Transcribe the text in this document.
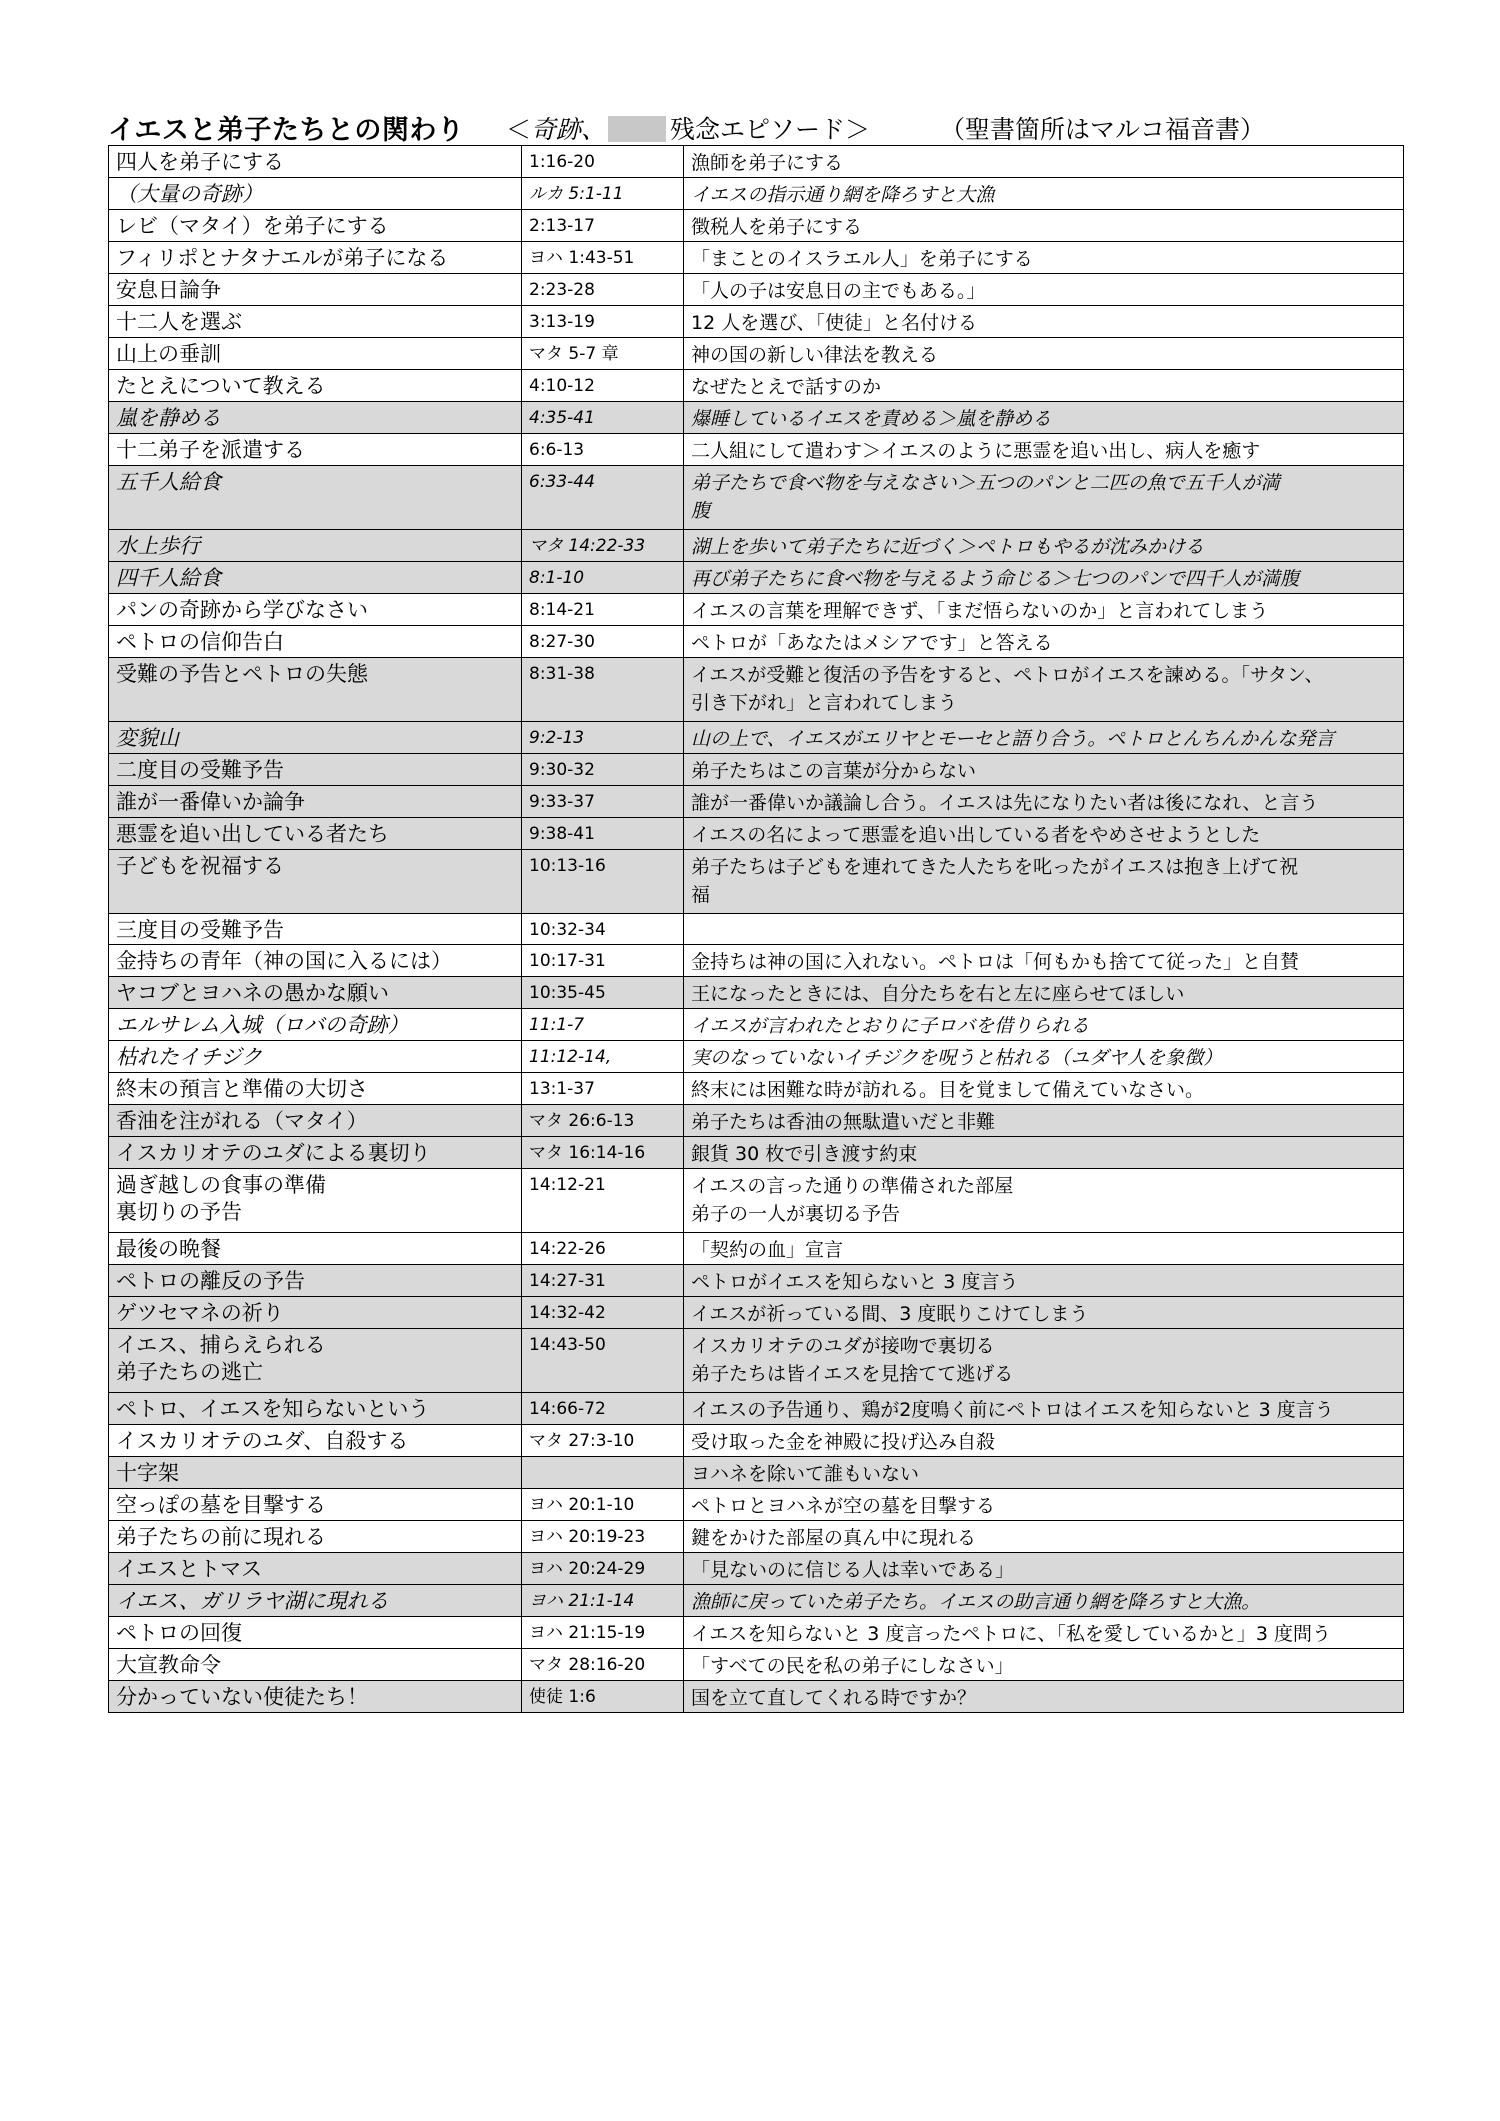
イエスと弟子たちとの関わり ＜奇跡、	残念エピソード＞	（聖書箇所はマルコ福音書）
四人を弟子にする	1:16-20	漁師を弟子にする
（大量の奇跡）	ルカ 5:1-11	イエスの指示通り網を降ろすと大漁
レビ（マタイ）を弟子にする	2:13-17	徴税人を弟子にする
フィリポとナタナエルが弟子になる	ヨハ 1:43-51	「まことのイスラエル人」を弟子にする
安息日論争	2:23-28	「人の子は安息日の主でもある。」
十二人を選ぶ	3:13-19	12 人を選び、「使徒」と名付ける
山上の垂訓	マタ 5-7 章	神の国の新しい律法を教える
たとえについて教える	4:10-12	なぜたとえで話すのか
嵐を静める	4:35-41	爆睡しているイエスを責める＞嵐を静める
十二弟子を派遣する	6:6-13	二人組にして遣わす＞イエスのように悪霊を追い出し、病人を癒す
五千人給食	6:33-44	弟子たちで食べ物を与えなさい＞五つのパンと二匹の魚で五千人が満
腹
水上歩行	マタ 14:22-33	湖上を歩いて弟子たちに近づく＞ペトロもやるが沈みかける
四千人給食	8:1-10	再び弟子たちに食べ物を与えるよう命じる＞七つのパンで四千人が満腹
パンの奇跡から学びなさい	8:14-21	イエスの言葉を理解できず、「まだ悟らないのか」と言われてしまう
ペトロの信仰告白	8:27-30	ペトロが「あなたはメシアです」と答える
受難の予告とペトロの失態	8:31-38	イエスが受難と復活の予告をすると、ペトロがイエスを諫める。「サタン、
引き下がれ」と言われてしまう
変貌山	9:2-13	山の上で、イエスがエリヤとモーセと語り合う。ペトロとんちんかんな発言
二度目の受難予告	9:30-32	弟子たちはこの言葉が分からない
誰が一番偉いか論争	9:33-37	誰が一番偉いか議論し合う。イエスは先になりたい者は後になれ、と言う
悪霊を追い出している者たち	9:38-41	イエスの名によって悪霊を追い出している者をやめさせようとした
子どもを祝福する	10:13-16	弟子たちは子どもを連れてきた人たちを叱ったがイエスは抱き上げて祝
福
三度目の受難予告	10:32-34	
金持ちの青年（神の国に入るには）	10:17-31	金持ちは神の国に入れない。ペトロは「何もかも捨てて従った」と自賛
ヤコブとヨハネの愚かな願い	10:35-45	王になったときには、自分たちを右と左に座らせてほしい
エルサレム入城（ロバの奇跡）	11:1-7	イエスが言われたとおりに子ロバを借りられる
枯れたイチジク	11:12-14,	実のなっていないイチジクを呪うと枯れる（ユダヤ人を象徴）
終末の預言と準備の大切さ	13:1-37	終末には困難な時が訪れる。目を覚まして備えていなさい。
香油を注がれる（マタイ）	マタ 26:6-13	弟子たちは香油の無駄遣いだと非難
イスカリオテのユダによる裏切り	マタ 16:14-16	銀貨 30 枚で引き渡す約束
過ぎ越しの食事の準備
裏切りの予告	14:12-21	イエスの言った通りの準備された部屋
弟子の一人が裏切る予告
最後の晩餐	14:22-26	「契約の血」宣言
ペトロの離反の予告	14:27-31	ペトロがイエスを知らないと 3 度言う
ゲツセマネの祈り	14:32-42	イエスが祈っている間、3 度眠りこけてしまう
イエス、捕らえられる
弟子たちの逃亡	14:43-50	イスカリオテのユダが接吻で裏切る
弟子たちは皆イエスを見捨てて逃げる
ペトロ、イエスを知らないという	14:66-72	イエスの予告通り、鶏が2度鳴く前にペトロはイエスを知らないと 3 度言う
イスカリオテのユダ、自殺する	マタ 27:3-10	受け取った金を神殿に投げ込み自殺
十字架		ヨハネを除いて誰もいない
空っぽの墓を目撃する	ヨハ 20:1-10	ペトロとヨハネが空の墓を目撃する
弟子たちの前に現れる	ヨハ 20:19-23	鍵をかけた部屋の真ん中に現れる
イエスとトマス	ヨハ 20:24-29	「見ないのに信じる人は幸いである」
イエス、ガリラヤ湖に現れる	ヨハ 21:1-14	漁師に戻っていた弟子たち。イエスの助言通り網を降ろすと大漁。
ペトロの回復	ヨハ 21:15-19	イエスを知らないと 3 度言ったペトロに、「私を愛しているかと」3 度問う
大宣教命令	マタ 28:16-20	「すべての民を私の弟子にしなさい」
分かっていない使徒たち！	使徒 1:6	国を立て直してくれる時ですか？
